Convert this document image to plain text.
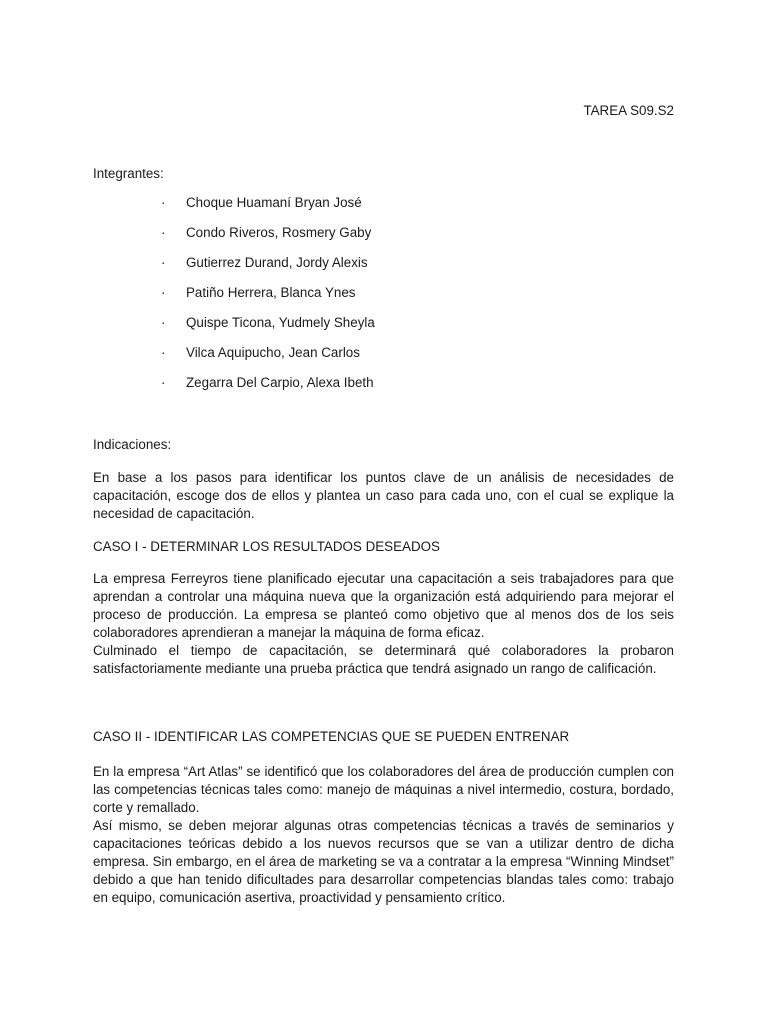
TAREA S09.S2

Integrantes:

· Choque Huamaní Bryan José
· Condo Riveros, Rosmery Gaby
· Gutierrez Durand, Jordy Alexis
· Patiño Herrera, Blanca Ynes
· Quispe Ticona, Yudmely Sheyla
· Vilca Aquipucho, Jean Carlos
· Zegarra Del Carpio, Alexa Ibeth

Indicaciones:

En base a los pasos para identificar los puntos clave de un análisis de necesidades de capacitación, escoge dos de ellos y plantea un caso para cada uno, con el cual se explique la necesidad de capacitación.

CASO I - DETERMINAR LOS RESULTADOS DESEADOS

La empresa Ferreyros tiene planificado ejecutar una capacitación a seis trabajadores para que aprendan a controlar una máquina nueva que la organización está adquiriendo para mejorar el proceso de producción. La empresa se planteó como objetivo que al menos dos de los seis colaboradores aprendieran a manejar la máquina de forma eficaz.

Culminado el tiempo de capacitación, se determinará qué colaboradores la probaron satisfactoriamente mediante una prueba práctica que tendrá asignado un rango de calificación.

CASO II - IDENTIFICAR LAS COMPETENCIAS QUE SE PUEDEN ENTRENAR

En la empresa “Art Atlas” se identificó que los colaboradores del área de producción cumplen con las competencias técnicas tales como: manejo de máquinas a nivel intermedio, costura, bordado, corte y remallado.

Así mismo, se deben mejorar algunas otras competencias técnicas a través de seminarios y capacitaciones teóricas debido a los nuevos recursos que se van a utilizar dentro de dicha empresa. Sin embargo, en el área de marketing se va a contratar a la empresa “Winning Mindset” debido a que han tenido dificultades para desarrollar competencias blandas tales como: trabajo en equipo, comunicación asertiva, proactividad y pensamiento crítico.
